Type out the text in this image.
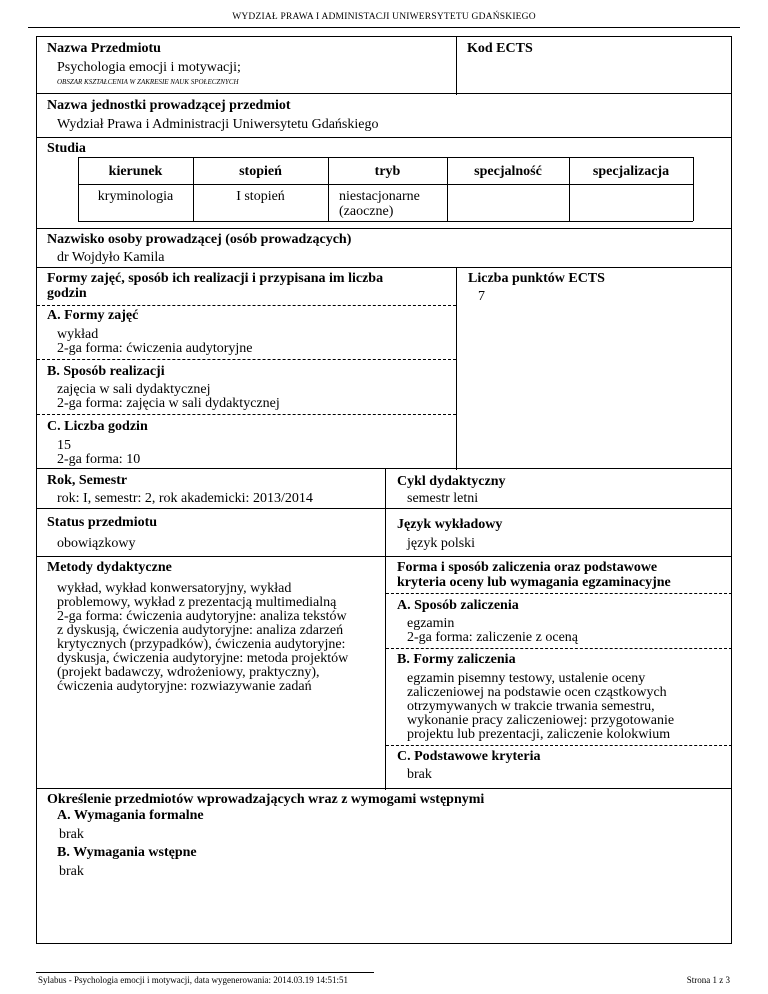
WYDZIAŁ PRAWA I ADMINISTACJI UNIWERSYTETU GDAŃSKIEGO
Nazwa Przedmiotu
Psychologia emocji i motywacji;
OBSZAR KSZTAŁCENIA W ZAKRESIE NAUK SPOŁECZNYCH
Kod ECTS
Nazwa jednostki prowadzącej przedmiot
Wydział Prawa i Administracji Uniwersytetu Gdańskiego
Studia
kierunek	stopień	tryb	specjalność	specjalizacja
kryminologia	I stopień	niestacjonarne
(zaoczne)
Nazwisko osoby prowadzącej (osób prowadzących)
dr Wojdyło Kamila
Formy zajęć, sposób ich realizacji i przypisana im liczba
godzin
A. Formy zajęć
wykład
2-ga forma: ćwiczenia audytoryjne
B. Sposób realizacji
zajęcia w sali dydaktycznej
2-ga forma: zajęcia w sali dydaktycznej
C. Liczba godzin
15
2-ga forma: 10
Liczba punktów ECTS
7
Rok, Semestr
rok: I, semestr: 2, rok akademicki: 2013/2014
Cykl dydaktyczny
semestr letni
Status przedmiotu
obowiązkowy
Język wykładowy
język polski
Metody dydaktyczne
wykład, wykład konwersatoryjny, wykład
problemowy, wykład z prezentacją multimedialną
2-ga forma: ćwiczenia audytoryjne: analiza tekstów
z dyskusją, ćwiczenia audytoryjne: analiza zdarzeń
krytycznych (przypadków), ćwiczenia audytoryjne:
dyskusja, ćwiczenia audytoryjne: metoda projektów
(projekt badawczy, wdrożeniowy, praktyczny),
ćwiczenia audytoryjne: rozwiazywanie zadań
Forma i sposób zaliczenia oraz podstawowe
kryteria oceny lub wymagania egzaminacyjne
A. Sposób zaliczenia
egzamin
2-ga forma: zaliczenie z oceną
B. Formy zaliczenia
egzamin pisemny testowy, ustalenie oceny
zaliczeniowej na podstawie ocen cząstkowych
otrzymywanych w trakcie trwania semestru,
wykonanie pracy zaliczeniowej: przygotowanie
projektu lub prezentacji, zaliczenie kolokwium
C. Podstawowe kryteria
brak
Określenie przedmiotów wprowadzających wraz z wymogami wstępnymi
A. Wymagania formalne
brak
B. Wymagania wstępne
brak
Sylabus - Psychologia emocji i motywacji, data wygenerowania: 2014.03.19 14:51:51	Strona 1 z 3
